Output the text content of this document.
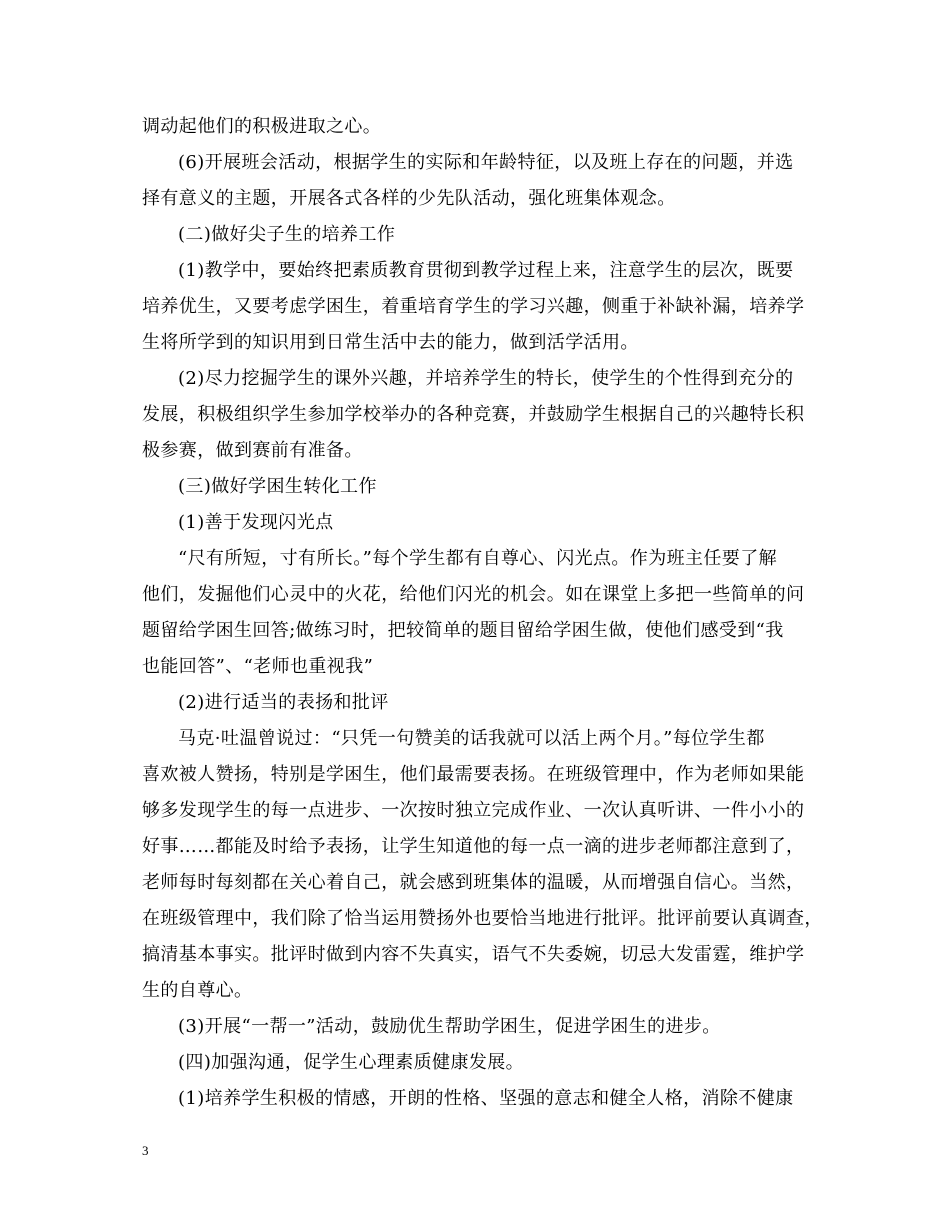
调动起他们的积极进取之心。
(6)开展班会活动，根据学生的实际和年龄特征，以及班上存在的问题，并选
择有意义的主题，开展各式各样的少先队活动，强化班集体观念。
(二)做好尖子生的培养工作
(1)教学中，要始终把素质教育贯彻到教学过程上来，注意学生的层次，既要
培养优生，又要考虑学困生，着重培育学生的学习兴趣，侧重于补缺补漏，培养学
生将所学到的知识用到日常生活中去的能力，做到活学活用。
(2)尽力挖掘学生的课外兴趣，并培养学生的特长，使学生的个性得到充分的
发展，积极组织学生参加学校举办的各种竞赛，并鼓励学生根据自己的兴趣特长积
极参赛，做到赛前有准备。
(三)做好学困生转化工作
(1)善于发现闪光点
“尺有所短，寸有所长。”每个学生都有自尊心、闪光点。作为班主任要了解
他们，发掘他们心灵中的火花，给他们闪光的机会。如在课堂上多把一些简单的问
题留给学困生回答;做练习时，把较简单的题目留给学困生做，使他们感受到“我
也能回答”、“老师也重视我”
(2)进行适当的表扬和批评
马克·吐温曾说过：“只凭一句赞美的话我就可以活上两个月。”每位学生都
喜欢被人赞扬，特别是学困生，他们最需要表扬。在班级管理中，作为老师如果能
够多发现学生的每一点进步、一次按时独立完成作业、一次认真听讲、一件小小的
好事……都能及时给予表扬，让学生知道他的每一点一滴的进步老师都注意到了，
老师每时每刻都在关心着自己，就会感到班集体的温暖，从而增强自信心。当然，
在班级管理中，我们除了恰当运用赞扬外也要恰当地进行批评。批评前要认真调查，
搞清基本事实。批评时做到内容不失真实，语气不失委婉，切忌大发雷霆，维护学
生的自尊心。
(3)开展“一帮一”活动，鼓励优生帮助学困生，促进学困生的进步。
(四)加强沟通，促学生心理素质健康发展。
(1)培养学生积极的情感，开朗的性格、坚强的意志和健全人格，消除不健康
3
